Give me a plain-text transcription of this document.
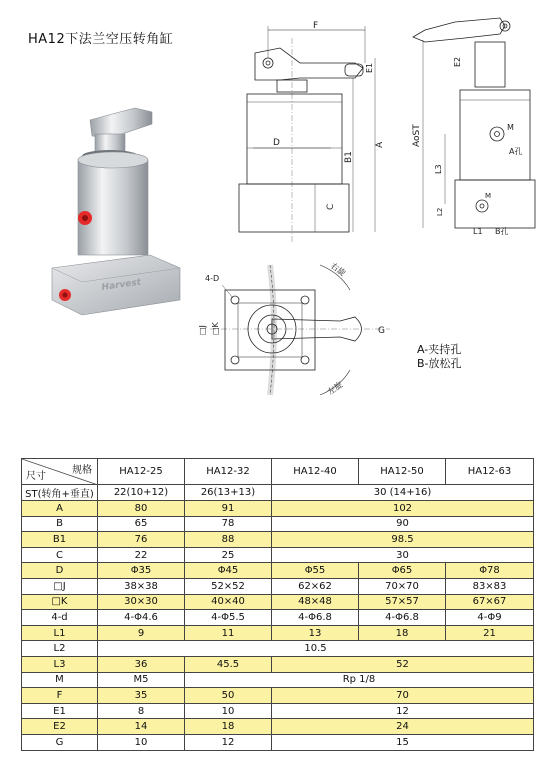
HA12下法兰空压转角缸
Harvest
F
E1
D
C
B1
A
E2
M
A孔
L3
M
L2
L1 B孔
AoST
4-D
□J □K	G
右旋
左旋
A-夹持孔
B-放松孔
规格
尺寸	HA12-25	HA12-32	HA12-40	HA12-50	HA12-63
ST(转角+垂直)	22(10+12)	26(13+13)	30 (14+16)		
A	80	91	102		
B	65	78	90		
B1	76	88	98.5		
C	22	25	30		
D	Φ35	Φ45	Φ55	Φ65	Φ78
□J	38×38	52×52	62×62	70×70	83×83
□K	30×30	40×40	48×48	57×57	67×67
4-d	4-Φ4.6	4-Φ5.5	4-Φ6.8	4-Φ6.8	4-Φ9
L1	9	11	13	18	21
L2	10.5				
L3	36	45.5	52		
M	M5	Rp 1/8			
F	35	50	70		
E1	8	10	12		
E2	14	18	24		
G	10	12	15		
